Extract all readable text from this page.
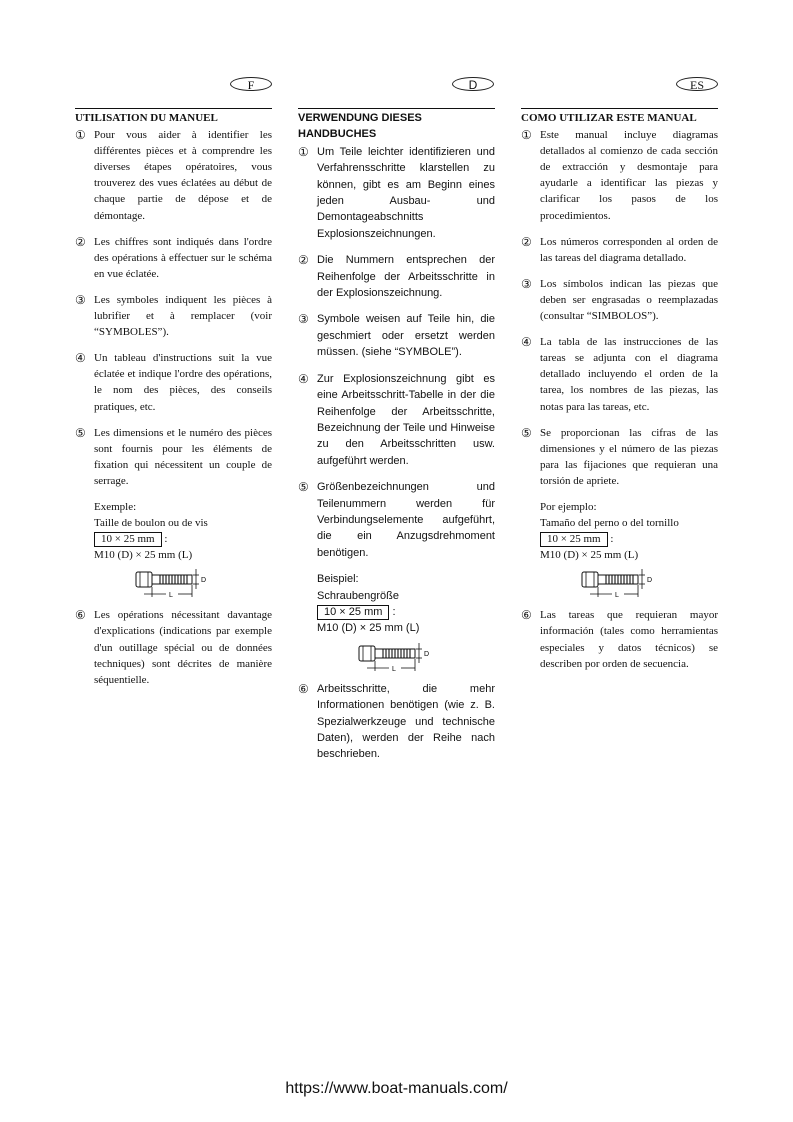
F	D	ES
UTILISATION DU MANUEL
① Pour vous aider à identifier les différentes pièces et à comprendre les diverses étapes opératoires, vous trouverez des vues éclatées au début de chaque partie de dépose et de démontage.
② Les chiffres sont indiqués dans l'ordre des opérations à effectuer sur le schéma en vue éclatée.
③ Les symboles indiquent les pièces à lubrifier et à remplacer (voir “SYMBOLES”).
④ Un tableau d'instructions suit la vue éclatée et indique l'ordre des opérations, le nom des pièces, des conseils pratiques, etc.
⑤ Les dimensions et le numéro des pièces sont fournis pour les éléments de fixation qui nécessitent un couple de serrage.
Exemple:
Taille de boulon ou de vis
10 × 25 mm :
M10 (D) × 25 mm (L)
D
L
⑥ Les opérations nécessitant davantage d'explications (indications par exemple d'un outillage spécial ou de données techniques) sont décrites de manière séquentielle.
VERWENDUNG DIESES HANDBUCHES
① Um Teile leichter identifizieren und Verfahrensschritte klarstellen zu können, gibt es am Beginn eines jeden Ausbau- und Demontageabschnitts Explosionszeichnungen.
② Die Nummern entsprechen der Reihenfolge der Arbeitsschritte in der Explosionszeichnung.
③ Symbole weisen auf Teile hin, die geschmiert oder ersetzt werden müssen. (siehe “SYMBOLE”).
④ Zur Explosionszeichnung gibt es eine Arbeitsschritt-Tabelle in der die Reihenfolge der Arbeitsschritte, Bezeichnung der Teile und Hinweise zu den Arbeitsschritten usw. aufgeführt werden.
⑤ Größenbezeichnungen und Teilenummern werden für Verbindungselemente aufgeführt, die ein Anzugsdrehmoment benötigen.
Beispiel:
Schraubengröße
10 × 25 mm :
M10 (D) × 25 mm (L)
D
L
⑥ Arbeitsschritte, die mehr Informationen benötigen (wie z. B. Spezialwerkzeuge und technische Daten), werden der Reihe nach beschrieben.
COMO UTILIZAR ESTE MANUAL
① Este manual incluye diagramas detallados al comienzo de cada sección de extracción y desmontaje para ayudarle a identificar las piezas y clarificar los pasos de los procedimientos.
② Los números corresponden al orden de las tareas del diagrama detallado.
③ Los símbolos indican las piezas que deben ser engrasadas o reemplazadas (consultar “SIMBOLOS”).
④ La tabla de las instrucciones de las tareas se adjunta con el diagrama detallado incluyendo el orden de la tarea, los nombres de las piezas, las notas para las tareas, etc.
⑤ Se proporcionan las cifras de las dimensiones y el número de las piezas para las fijaciones que requieran una torsión de apriete.
Por ejemplo:
Tamaño del perno o del tornillo
10 × 25 mm :
M10 (D) × 25 mm (L)
D
L
⑥ Las tareas que requieran mayor información (tales como herramientas especiales y datos técnicos) se describen por orden de secuencia.
https://www.boat-manuals.com/
